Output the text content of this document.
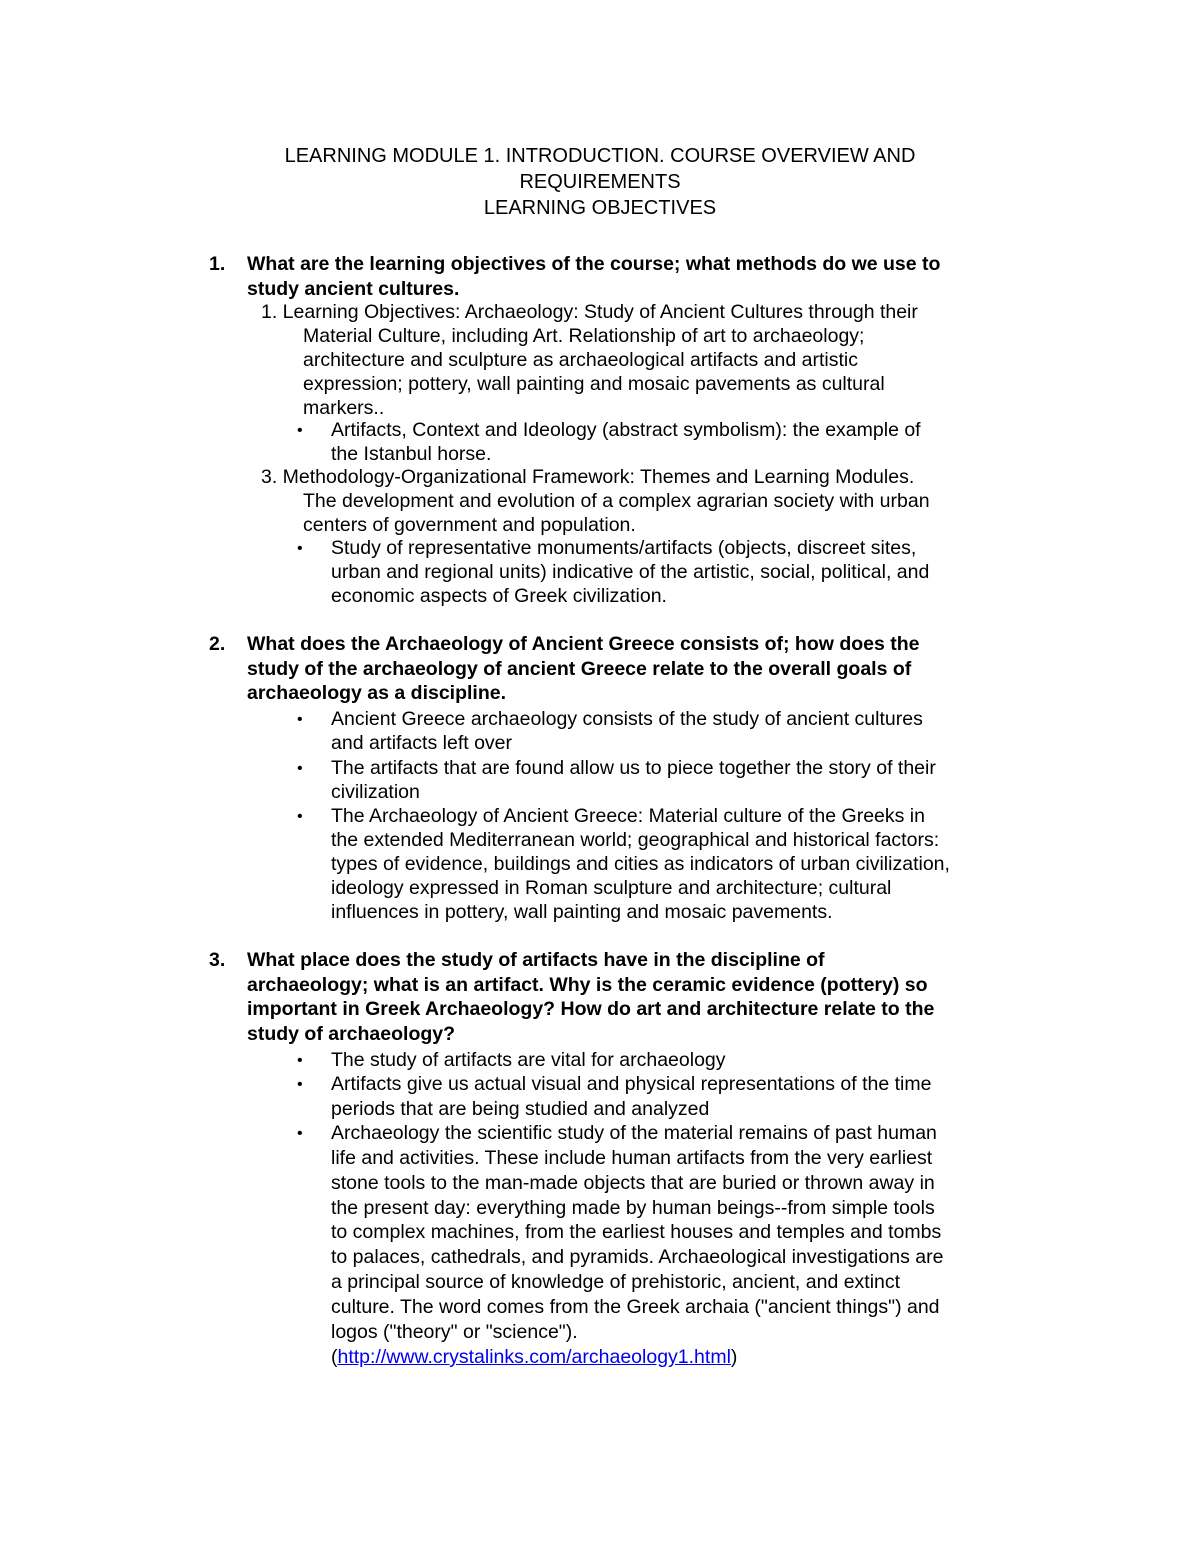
LEARNING MODULE 1. INTRODUCTION. COURSE OVERVIEW AND
REQUIREMENTS
LEARNING OBJECTIVES
1. What are the learning objectives of the course; what methods do we use to
study ancient cultures.
1. Learning Objectives: Archaeology: Study of Ancient Cultures through their
Material Culture, including Art. Relationship of art to archaeology;
architecture and sculpture as archaeological artifacts and artistic
expression; pottery, wall painting and mosaic pavements as cultural
markers..
• Artifacts, Context and Ideology (abstract symbolism): the example of
the Istanbul horse.
3. Methodology-Organizational Framework: Themes and Learning Modules.
The development and evolution of a complex agrarian society with urban
centers of government and population.
• Study of representative monuments/artifacts (objects, discreet sites,
urban and regional units) indicative of the artistic, social, political, and
economic aspects of Greek civilization.
2. What does the Archaeology of Ancient Greece consists of; how does the
study of the archaeology of ancient Greece relate to the overall goals of
archaeology as a discipline.
• Ancient Greece archaeology consists of the study of ancient cultures
and artifacts left over
• The artifacts that are found allow us to piece together the story of their
civilization
• The Archaeology of Ancient Greece: Material culture of the Greeks in
the extended Mediterranean world; geographical and historical factors:
types of evidence, buildings and cities as indicators of urban civilization,
ideology expressed in Roman sculpture and architecture; cultural
influences in pottery, wall painting and mosaic pavements.
3. What place does the study of artifacts have in the discipline of
archaeology; what is an artifact. Why is the ceramic evidence (pottery) so
important in Greek Archaeology? How do art and architecture relate to the
study of archaeology?
• The study of artifacts are vital for archaeology
• Artifacts give us actual visual and physical representations of the time
periods that are being studied and analyzed
• Archaeology the scientific study of the material remains of past human
life and activities. These include human artifacts from the very earliest
stone tools to the man-made objects that are buried or thrown away in
the present day: everything made by human beings--from simple tools
to complex machines, from the earliest houses and temples and tombs
to palaces, cathedrals, and pyramids. Archaeological investigations are
a principal source of knowledge of prehistoric, ancient, and extinct
culture. The word comes from the Greek archaia ("ancient things") and
logos ("theory" or "science").
(http://www.crystalinks.com/archaeology1.html)
